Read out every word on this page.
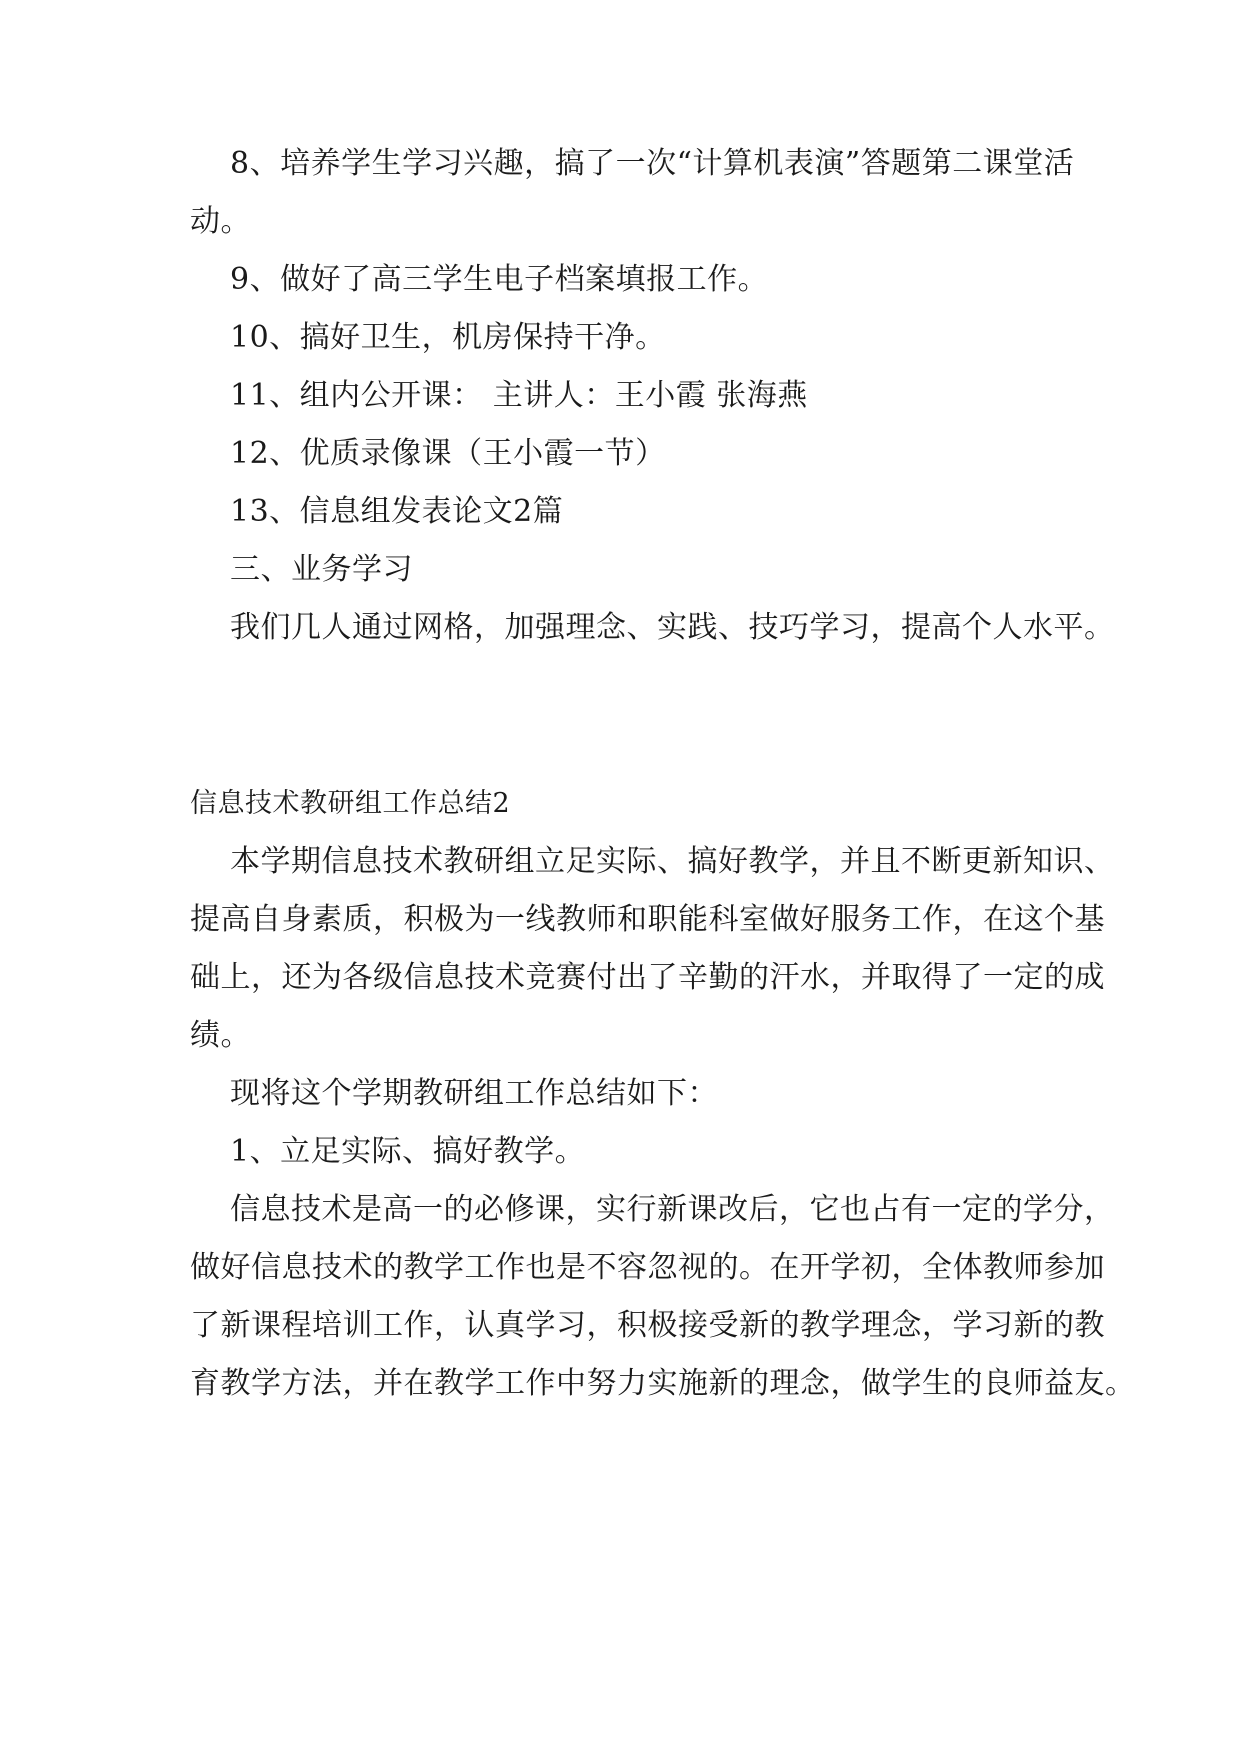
8、培养学生学习兴趣，搞了一次“计算机表演”答题第二课堂活
动。
9、做好了高三学生电子档案填报工作。
10、搞好卫生，机房保持干净。
11、组内公开课： 主讲人：王小霞 张海燕
12、优质录像课（王小霞一节）
13、信息组发表论文2篇
三、业务学习
我们几人通过网格，加强理念、实践、技巧学习，提高个人水平。
信息技术教研组工作总结2
本学期信息技术教研组立足实际、搞好教学，并且不断更新知识、
提高自身素质，积极为一线教师和职能科室做好服务工作，在这个基
础上，还为各级信息技术竞赛付出了辛勤的汗水，并取得了一定的成
绩。
现将这个学期教研组工作总结如下：
1、立足实际、搞好教学。
信息技术是高一的必修课，实行新课改后，它也占有一定的学分，
做好信息技术的教学工作也是不容忽视的。在开学初，全体教师参加
了新课程培训工作，认真学习，积极接受新的教学理念，学习新的教
育教学方法，并在教学工作中努力实施新的理念，做学生的良师益友。
